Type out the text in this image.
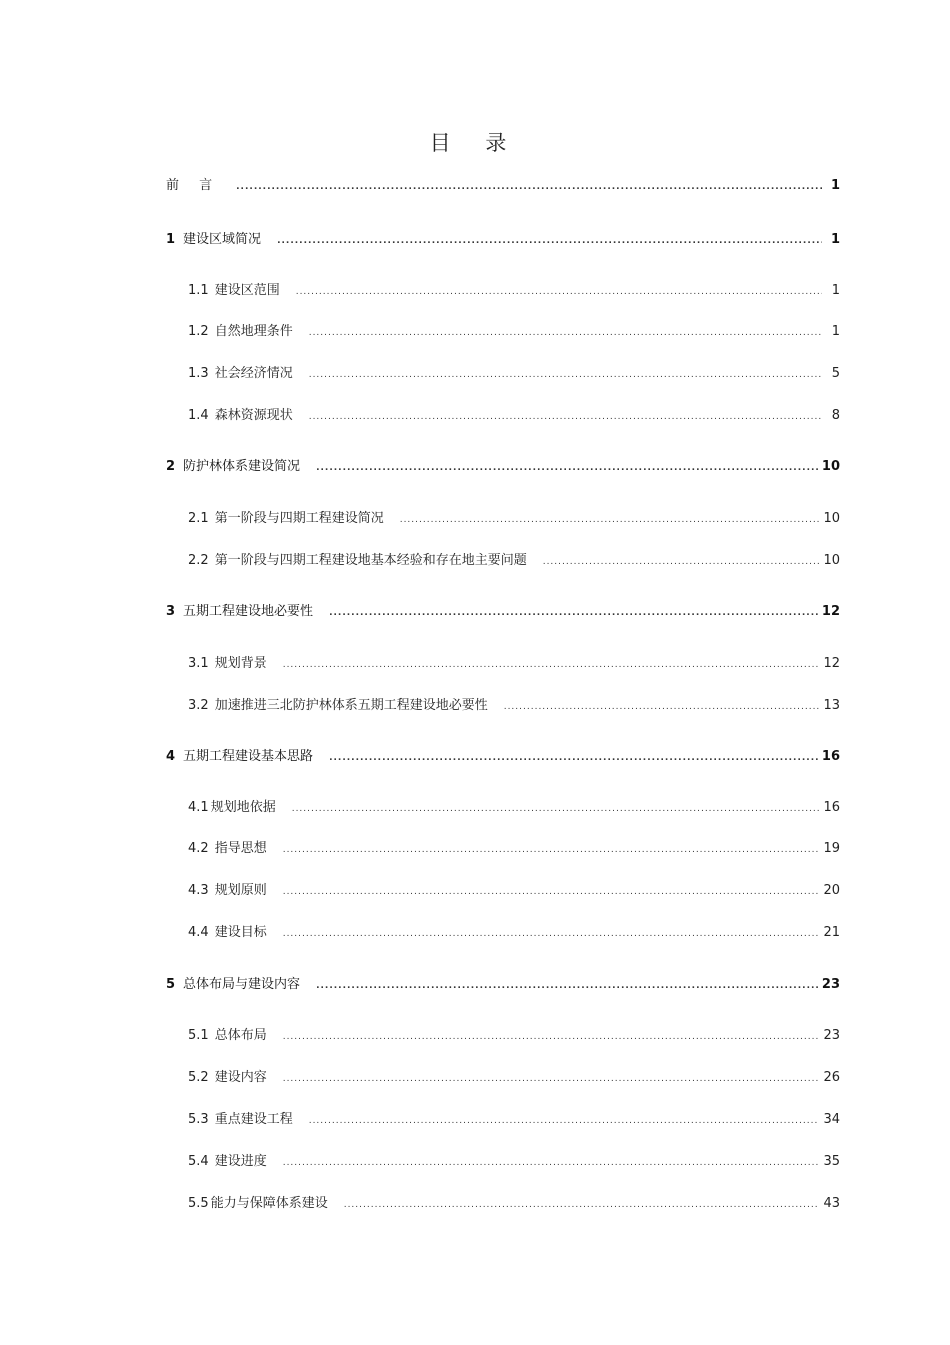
目 录
前 言 .....	1
1 建设区域简况 .....	1
1.1 建设区范围 .....	1
1.2 自然地理条件 .....	1
1.3 社会经济情况 .....	5
1.4 森林资源现状 .....	8
2 防护林体系建设简况 .....	10
2.1 第一阶段与四期工程建设简况 .....	10
2.2 第一阶段与四期工程建设地基本经验和存在地主要问题 .....	10
3 五期工程建设地必要性 .....	12
3.1 规划背景 .....	12
3.2 加速推进三北防护林体系五期工程建设地必要性 .....	13
4 五期工程建设基本思路 .....	16
4.1 规划地依据 .....	16
4.2 指导思想 .....	19
4.3 规划原则 .....	20
4.4 建设目标 .....	21
5 总体布局与建设内容 .....	23
5.1 总体布局 .....	23
5.2 建设内容 .....	26
5.3 重点建设工程 .....	34
5.4 建设进度 .....	35
5.5 能力与保障体系建设 .....	43
